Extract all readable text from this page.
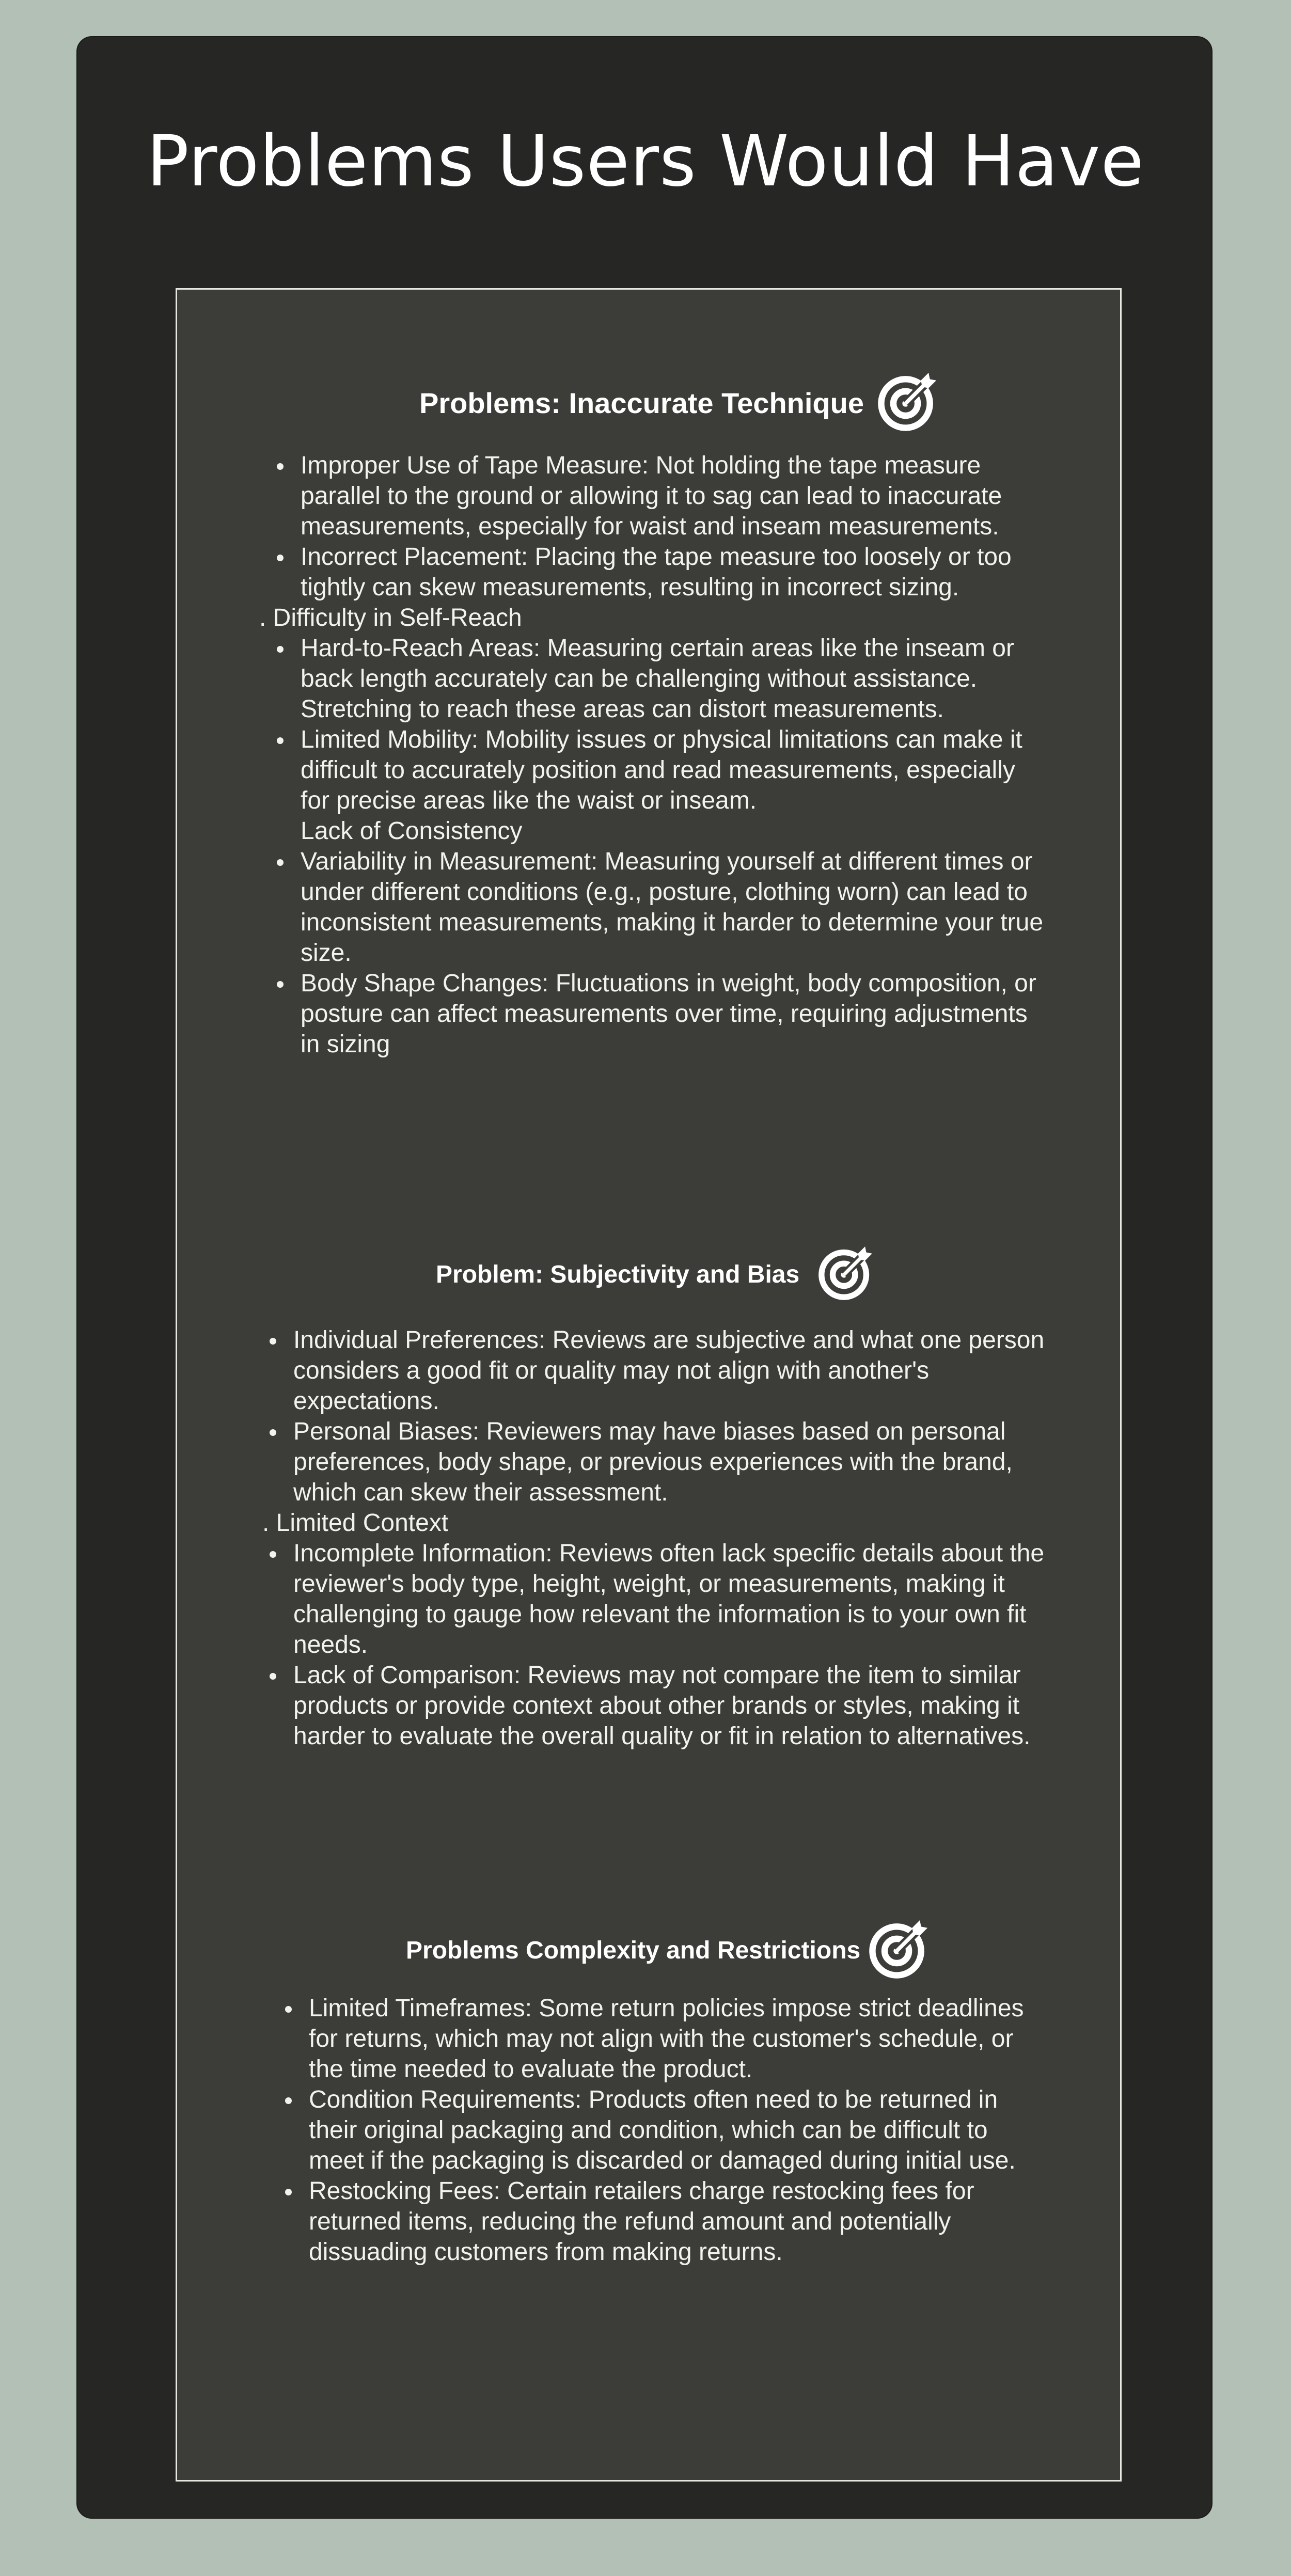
Problems Users Would Have
Problems: Inaccurate Technique
Improper Use of Tape Measure: Not holding the tape measure parallel to the ground or allowing it to sag can lead to inaccurate measurements, especially for waist and inseam measurements.
Incorrect Placement: Placing the tape measure too loosely or too tightly can skew measurements, resulting in incorrect sizing.
. Difficulty in Self-Reach
Hard-to-Reach Areas: Measuring certain areas like the inseam or back length accurately can be challenging without assistance. Stretching to reach these areas can distort measurements.
Limited Mobility: Mobility issues or physical limitations can make it difficult to accurately position and read measurements, especially for precise areas like the waist or inseam.
Lack of Consistency
Variability in Measurement: Measuring yourself at different times or under different conditions (e.g., posture, clothing worn) can lead to inconsistent measurements, making it harder to determine your true size.
Body Shape Changes: Fluctuations in weight, body composition, or posture can affect measurements over time, requiring adjustments in sizing
Problem: Subjectivity and Bias
Individual Preferences: Reviews are subjective and what one person considers a good fit or quality may not align with another's expectations.
Personal Biases: Reviewers may have biases based on personal preferences, body shape, or previous experiences with the brand, which can skew their assessment.
. Limited Context
Incomplete Information: Reviews often lack specific details about the reviewer's body type, height, weight, or measurements, making it challenging to gauge how relevant the information is to your own fit needs.
Lack of Comparison: Reviews may not compare the item to similar products or provide context about other brands or styles, making it harder to evaluate the overall quality or fit in relation to alternatives.
Problems Complexity and Restrictions
Limited Timeframes: Some return policies impose strict deadlines for returns, which may not align with the customer's schedule, or the time needed to evaluate the product.
Condition Requirements: Products often need to be returned in their original packaging and condition, which can be difficult to meet if the packaging is discarded or damaged during initial use.
Restocking Fees: Certain retailers charge restocking fees for returned items, reducing the refund amount and potentially dissuading customers from making returns.
